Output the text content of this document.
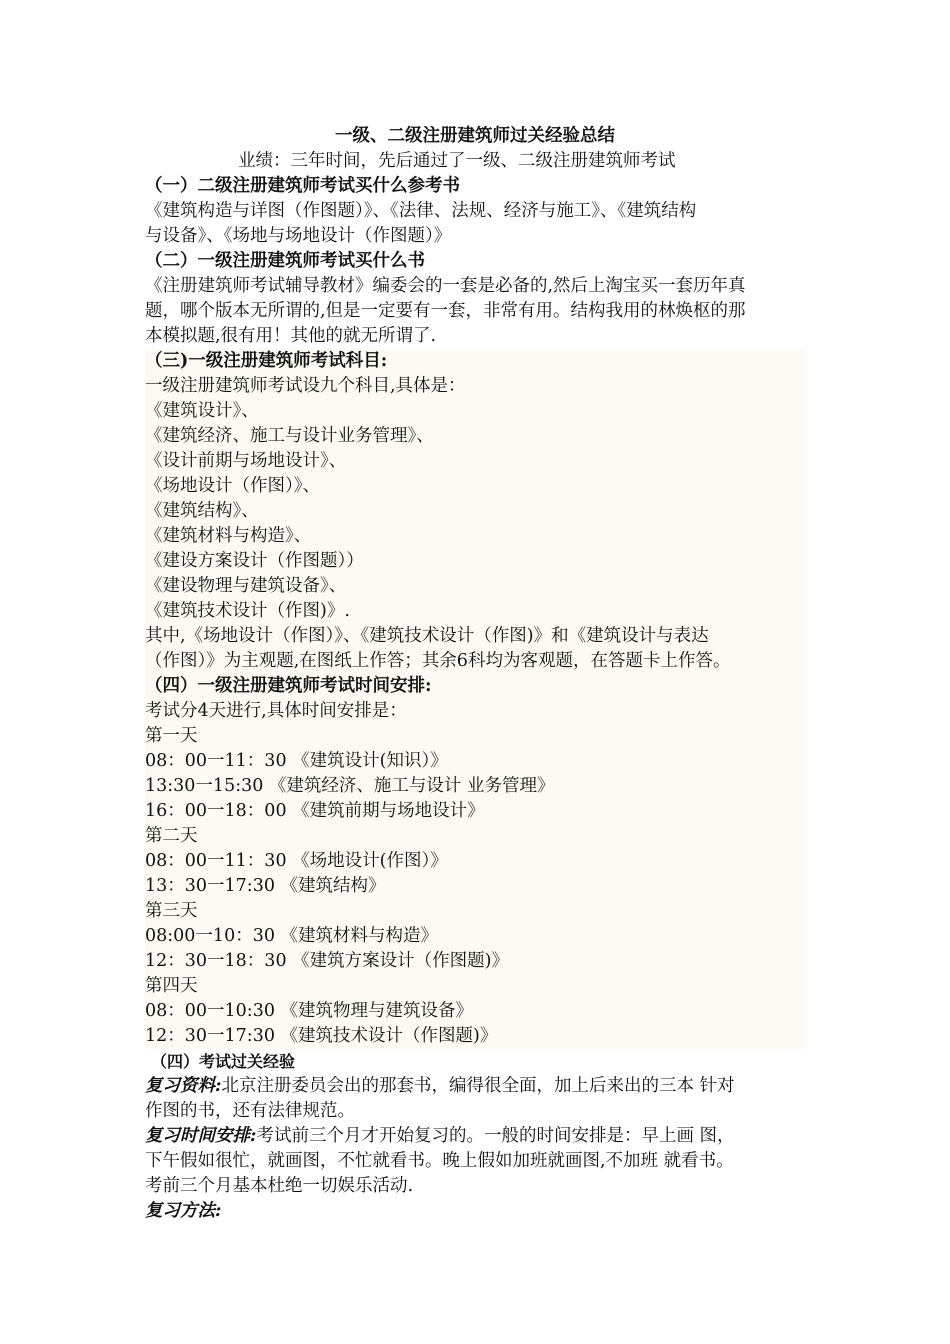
一级、二级注册建筑师过关经验总结
业绩：三年时间，先后通过了一级、二级注册建筑师考试
（一）二级注册建筑师考试买什么参考书
《建筑构造与详图（作图题）》、《法律、法规、经济与施工》、《建筑结构
与设备》、《场地与场地设计（作图题）》
（二）一级注册建筑师考试买什么书
《注册建筑师考试辅导教材》编委会的一套是必备的,然后上淘宝买一套历年真
题，哪个版本无所谓的,但是一定要有一套，非常有用。结构我用的林焕枢的那
本模拟题,很有用！其他的就无所谓了.
（三)一级注册建筑师考试科目:
一级注册建筑师考试设九个科目,具体是：
《建筑设计》、
《建筑经济、施工与设计业务管理》、
《设计前期与场地设计》、
《场地设计（作图）》、
《建筑结构》、
《建筑材料与构造》、
《建设方案设计（作图题））
《建设物理与建筑设备》、
《建筑技术设计（作图)》.
其中,《场地设计（作图）》、《建筑技术设计（作图)》和《建筑设计与表达
（作图）》为主观题,在图纸上作答；其余6科均为客观题，在答题卡上作答。
（四）一级注册建筑师考试时间安排:
考试分4天进行,具体时间安排是：
第一天
08：00一11：30 《建筑设计(知识）》
13:30一15:30 《建筑经济、施工与设计 业务管理》
16：00一18：00 《建筑前期与场地设计》
第二天
08：00一11：30 《场地设计(作图）》
13：30一17:30 《建筑结构》
第三天
08:00一10：30 《建筑材料与构造》
12：30一18：30 《建筑方案设计（作图题)》
第四天
08：00一10:30 《建筑物理与建筑设备》
12：30一17:30 《建筑技术设计（作图题)》
（四）考试过关经验
复习资料:北京注册委员会出的那套书，编得很全面，加上后来出的三本 针对
作图的书，还有法律规范。
复习时间安排:考试前三个月才开始复习的。一般的时间安排是：早上画 图，
下午假如很忙，就画图，不忙就看书。晚上假如加班就画图,不加班 就看书。
考前三个月基本杜绝一切娱乐活动.
复习方法:
